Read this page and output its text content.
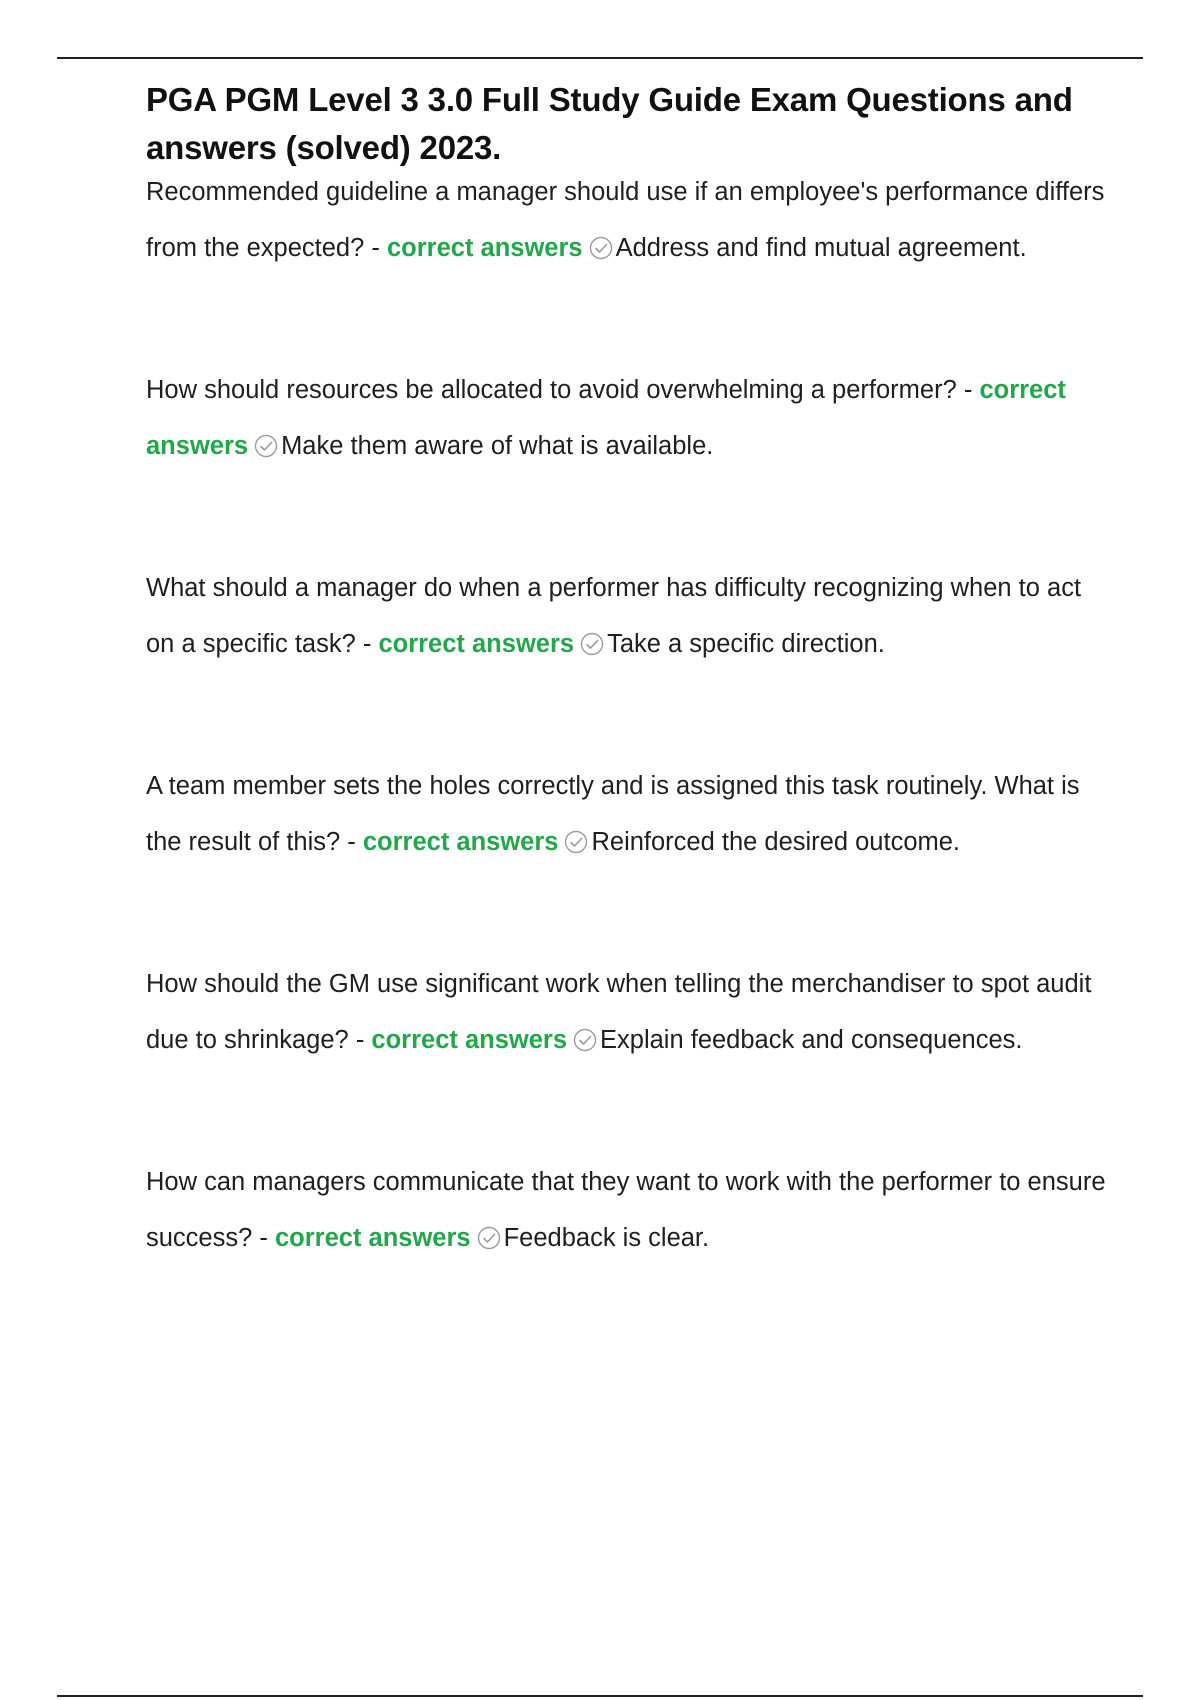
PGA PGM Level 3 3.0 Full Study Guide Exam Questions and answers (solved) 2023.
Recommended guideline a manager should use if an employee's performance differs from the expected? - correct answers Address and find mutual agreement.
How should resources be allocated to avoid overwhelming a performer? - correct answers Make them aware of what is available.
What should a manager do when a performer has difficulty recognizing when to act on a specific task? - correct answers Take a specific direction.
A team member sets the holes correctly and is assigned this task routinely. What is the result of this? - correct answers Reinforced the desired outcome.
How should the GM use significant work when telling the merchandiser to spot audit due to shrinkage? - correct answers Explain feedback and consequences.
How can managers communicate that they want to work with the performer to ensure success? - correct answers Feedback is clear.
